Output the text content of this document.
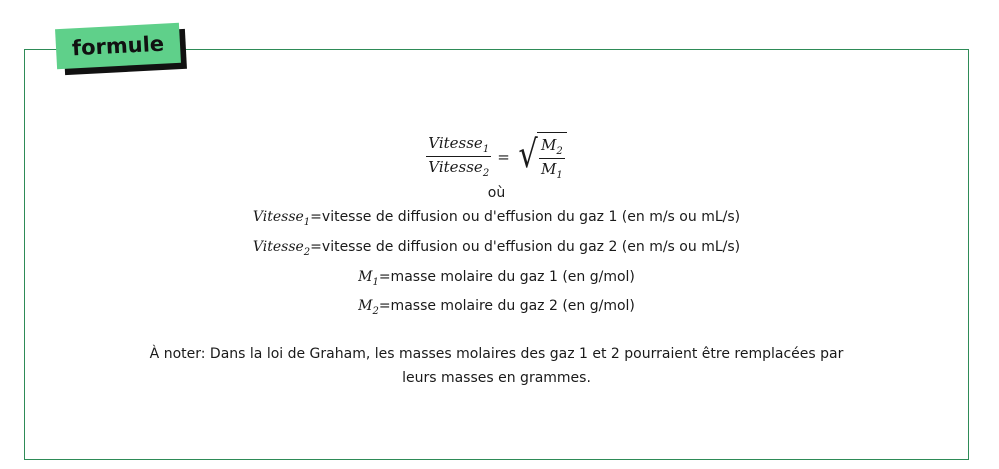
formule
$\frac{Vitesse_1}{Vitesse_2}$ = √ $\frac{M_2}{M_1}$
où
Vitesse$_1$=vitesse de diffusion ou d'effusion du gaz 1 (en m/s ou mL/s)
Vitesse$_2$=vitesse de diffusion ou d'effusion du gaz 2 (en m/s ou mL/s)
$M_1=masse$ molaire du gaz 1 (en g/mol)
$M_2=masse$ molaire du gaz 2 (en g/mol)
À noter: Dans la loi de Graham, les masses molaires des gaz 1 et 2 pourraient être remplacées par
leurs masses en grammes.
